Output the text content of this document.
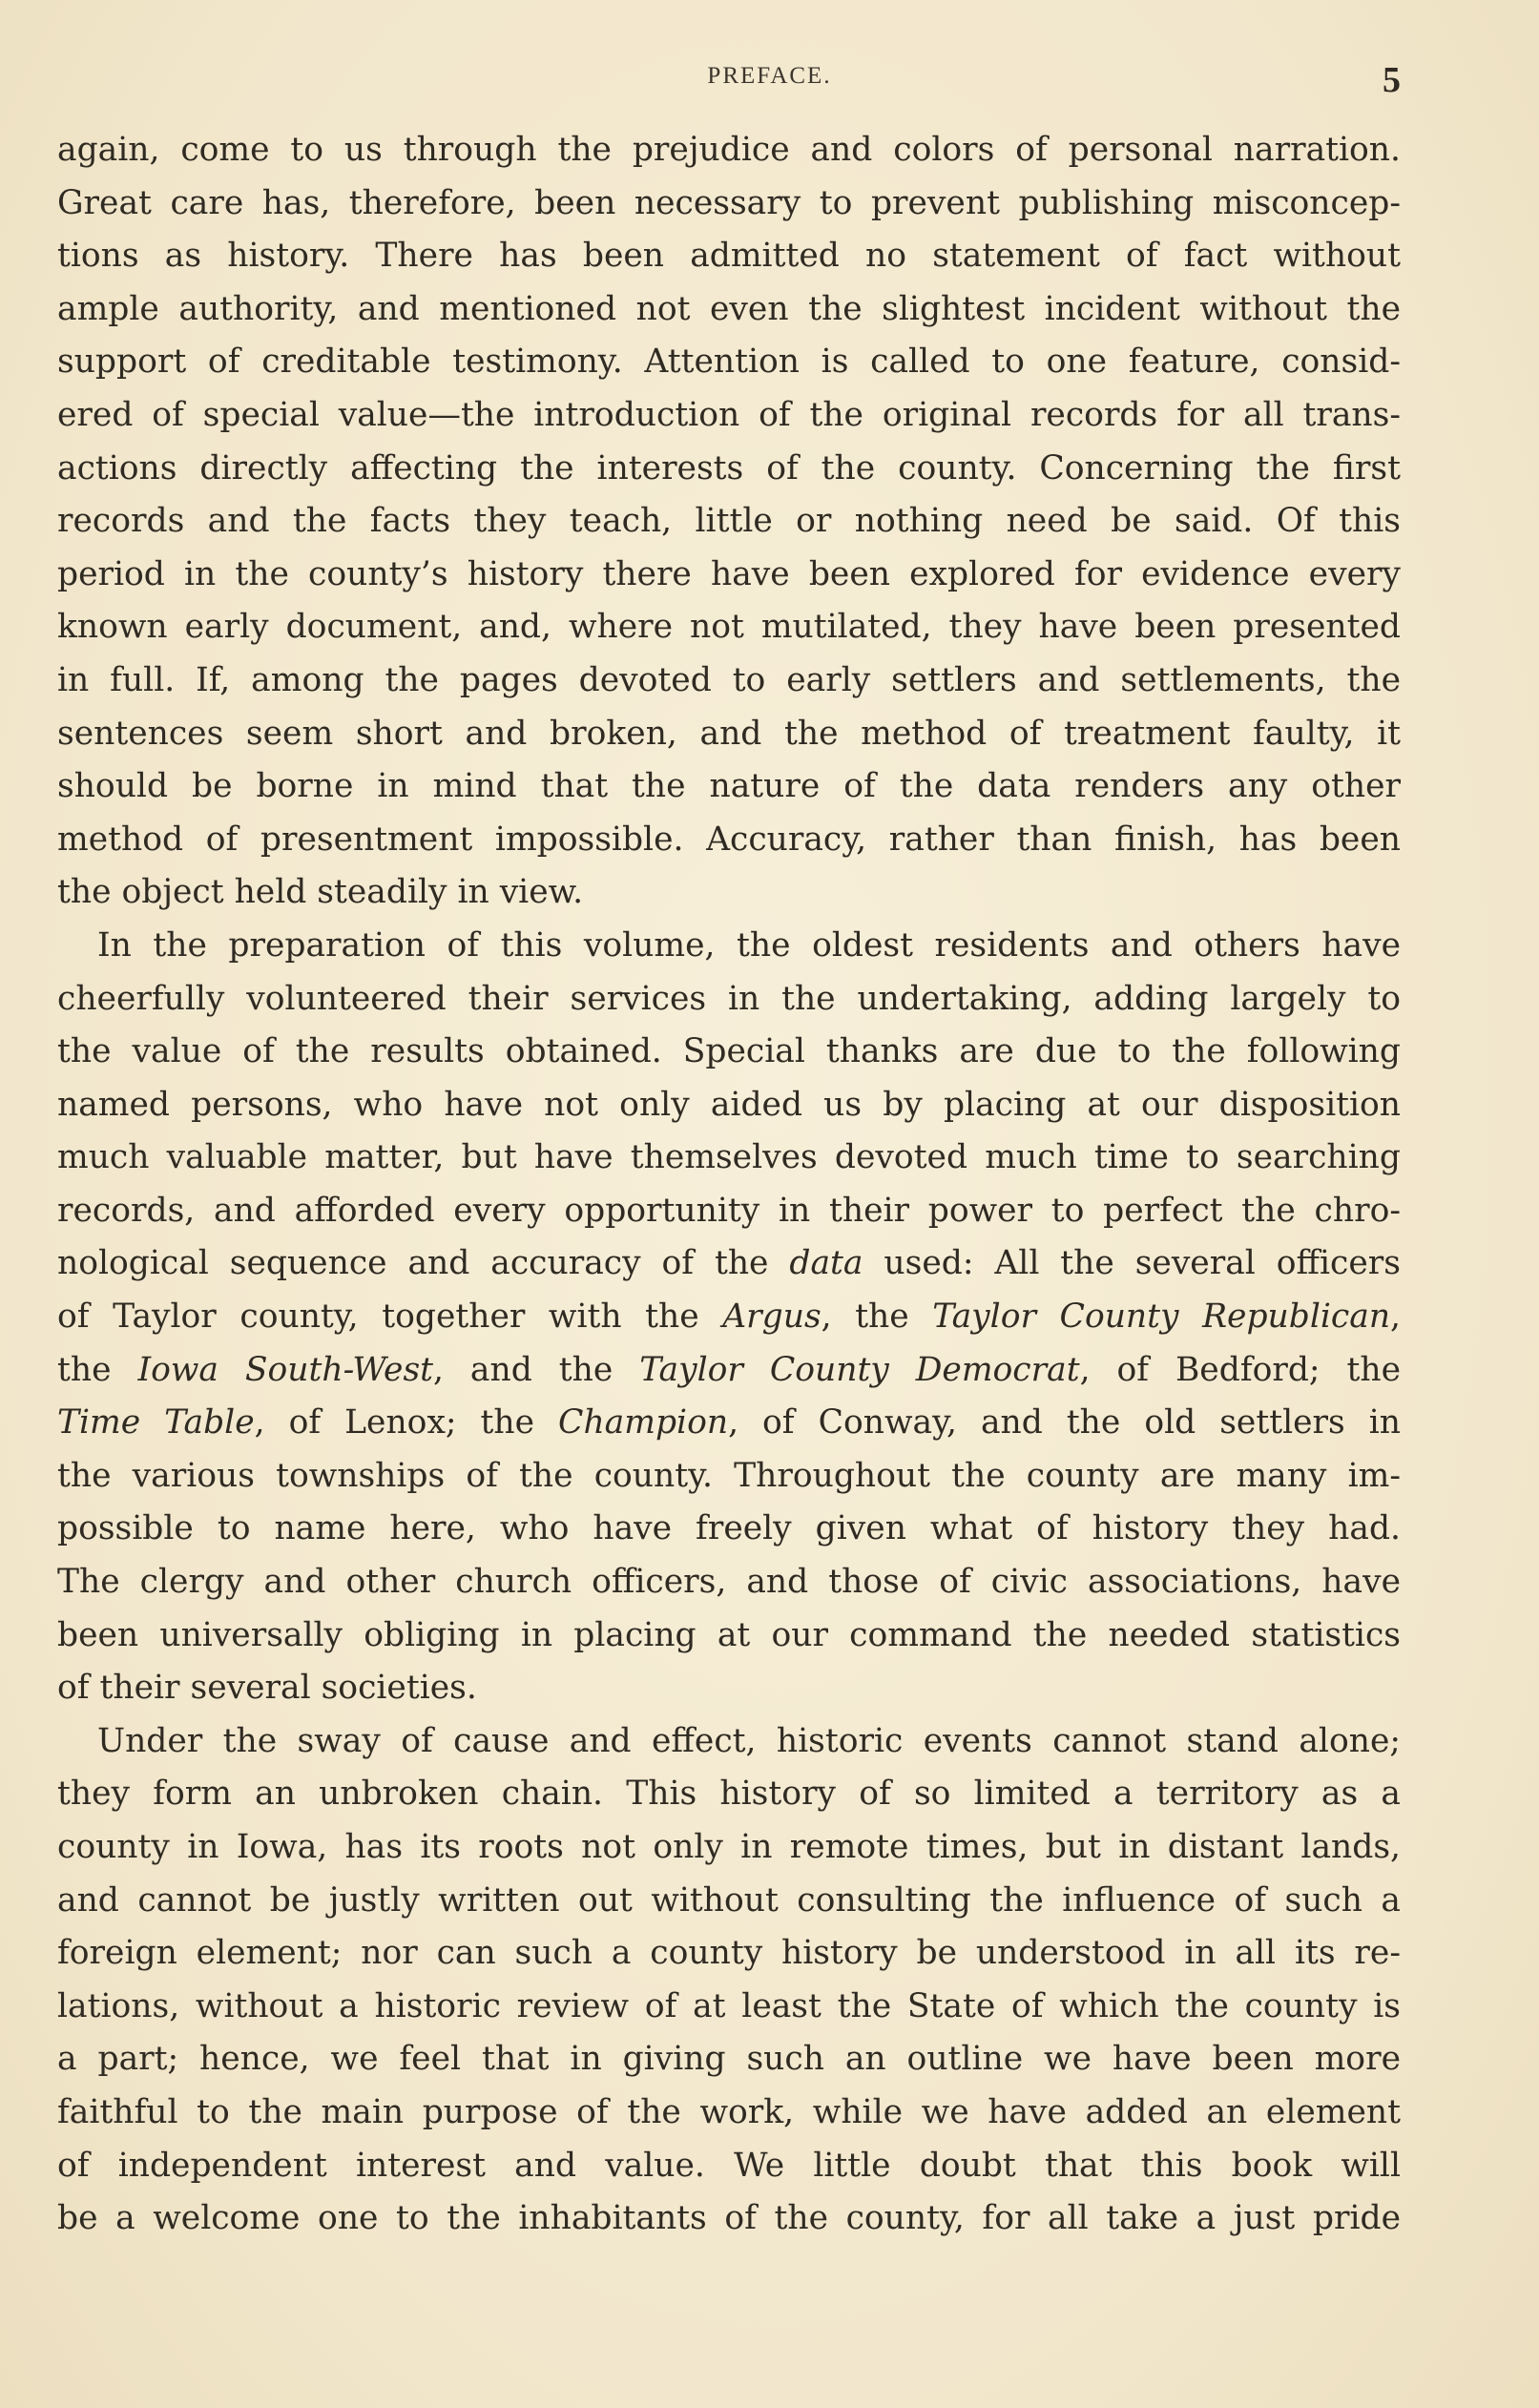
PREFACE.	5
again, come to us through the prejudice and colors of personal narration.
Great care has, therefore, been necessary to prevent publishing misconcep-
tions as history. There has been admitted no statement of fact without
ample authority, and mentioned not even the slightest incident without the
support of creditable testimony. Attention is called to one feature, consid-
ered of special value—the introduction of the original records for all trans-
actions directly affecting the interests of the county. Concerning the first
records and the facts they teach, little or nothing need be said. Of this
period in the county’s history there have been explored for evidence every
known early document, and, where not mutilated, they have been presented
in full. If, among the pages devoted to early settlers and settlements, the
sentences seem short and broken, and the method of treatment faulty, it
should be borne in mind that the nature of the data renders any other
method of presentment impossible. Accuracy, rather than finish, has been
the object held steadily in view.
In the preparation of this volume, the oldest residents and others have
cheerfully volunteered their services in the undertaking, adding largely to
the value of the results obtained. Special thanks are due to the following
named persons, who have not only aided us by placing at our disposition
much valuable matter, but have themselves devoted much time to searching
records, and afforded every opportunity in their power to perfect the chro-
nological sequence and accuracy of the data used: All the several officers
of Taylor county, together with the Argus, the Taylor County Republican,
the Iowa South-West, and the Taylor County Democrat, of Bedford; the
Time Table, of Lenox; the Champion, of Conway, and the old settlers in
the various townships of the county. Throughout the county are many im-
possible to name here, who have freely given what of history they had.
The clergy and other church officers, and those of civic associations, have
been universally obliging in placing at our command the needed statistics
of their several societies.
Under the sway of cause and effect, historic events cannot stand alone;
they form an unbroken chain. This history of so limited a territory as a
county in Iowa, has its roots not only in remote times, but in distant lands,
and cannot be justly written out without consulting the influence of such a
foreign element; nor can such a county history be understood in all its re-
lations, without a historic review of at least the State of which the county is
a part; hence, we feel that in giving such an outline we have been more
faithful to the main purpose of the work, while we have added an element
of independent interest and value. We little doubt that this book will
be a welcome one to the inhabitants of the county, for all take a just pride
